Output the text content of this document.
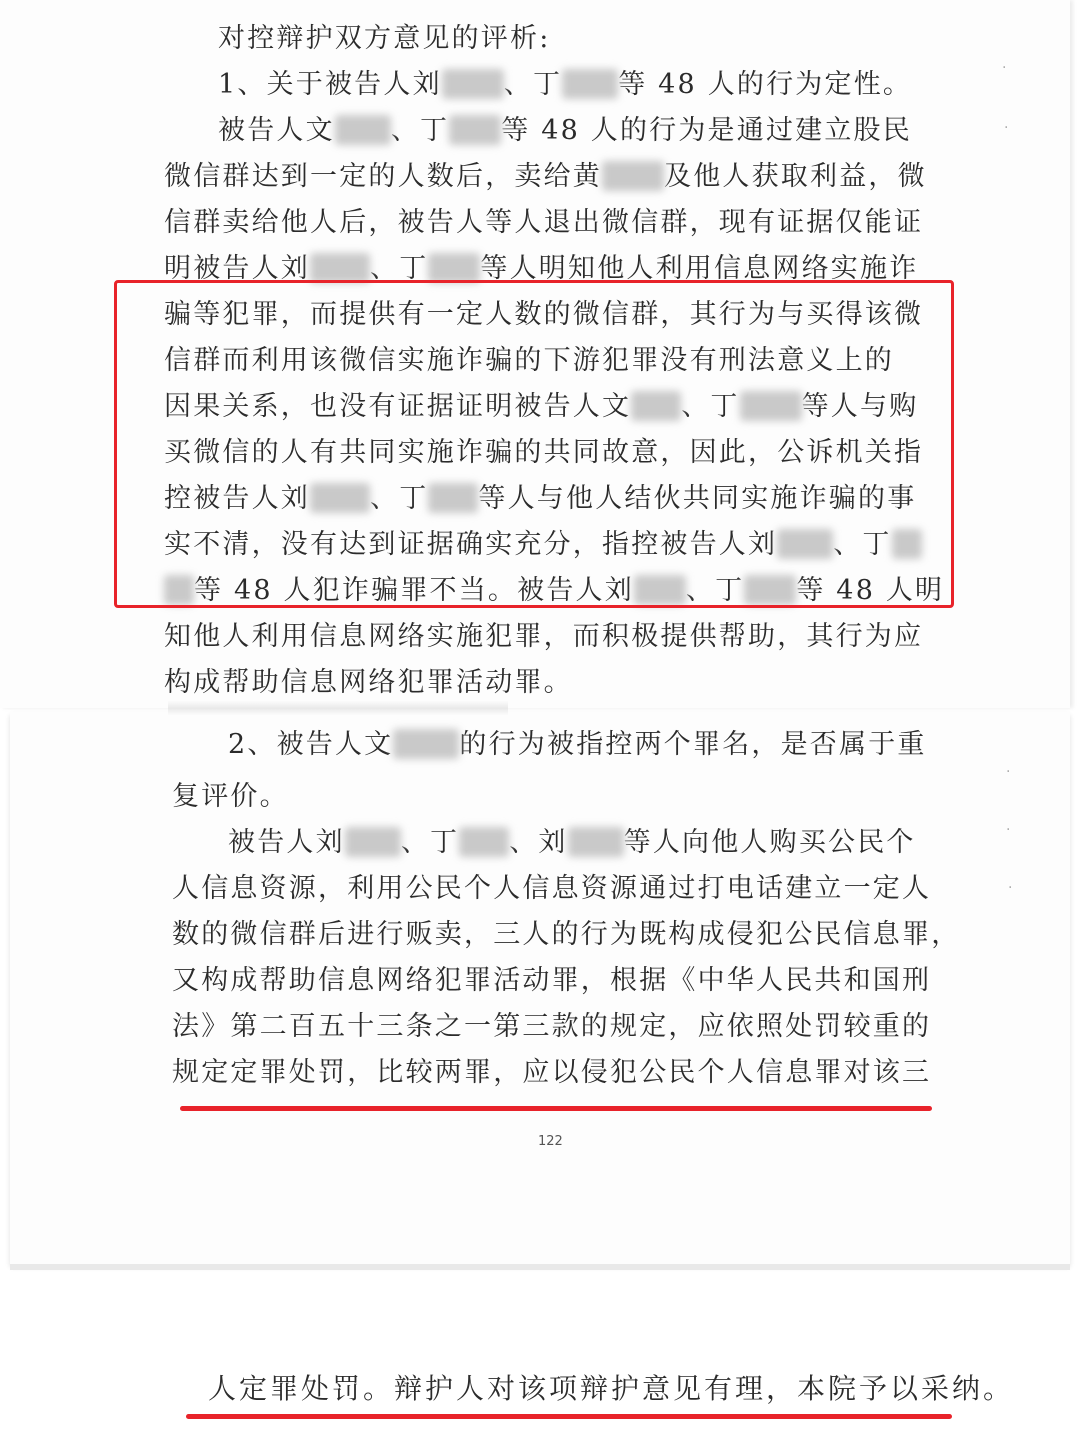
对控辩护双方意见的评析:
1、关于被告人刘 、丁 等 48 人的行为定性。
被告人文 、丁 等 48 人的行为是通过建立股民
微信群达到一定的人数后，卖给黄 及他人获取利益，微
信群卖给他人后，被告人等人退出微信群，现有证据仅能证
明被告人刘 、丁 等人明知他人利用信息网络实施诈
骗等犯罪，而提供有一定人数的微信群，其行为与买得该微
信群而利用该微信实施诈骗的下游犯罪没有刑法意义上的
因果关系，也没有证据证明被告人文 、丁 等人与购
买微信的人有共同实施诈骗的共同故意，因此，公诉机关指
控被告人刘 、丁 等人与他人结伙共同实施诈骗的事
实不清，没有达到证据确实充分，指控被告人刘 、丁
等 48 人犯诈骗罪不当。被告人刘 、丁 等 48 人明
知他人利用信息网络实施犯罪，而积极提供帮助，其行为应
构成帮助信息网络犯罪活动罪。
2、被告人文 的行为被指控两个罪名，是否属于重
复评价。
被告人刘 、丁 、刘 等人向他人购买公民个
人信息资源，利用公民个人信息资源通过打电话建立一定人
数的微信群后进行贩卖，三人的行为既构成侵犯公民信息罪，
又构成帮助信息网络犯罪活动罪，根据《中华人民共和国刑
法》第二百五十三条之一第三款的规定，应依照处罚较重的
规定定罪处罚，比较两罪，应以侵犯公民个人信息罪对该三
122
人定罪处罚。辩护人对该项辩护意见有理，本院予以采纳。
·
·
·
·
·
